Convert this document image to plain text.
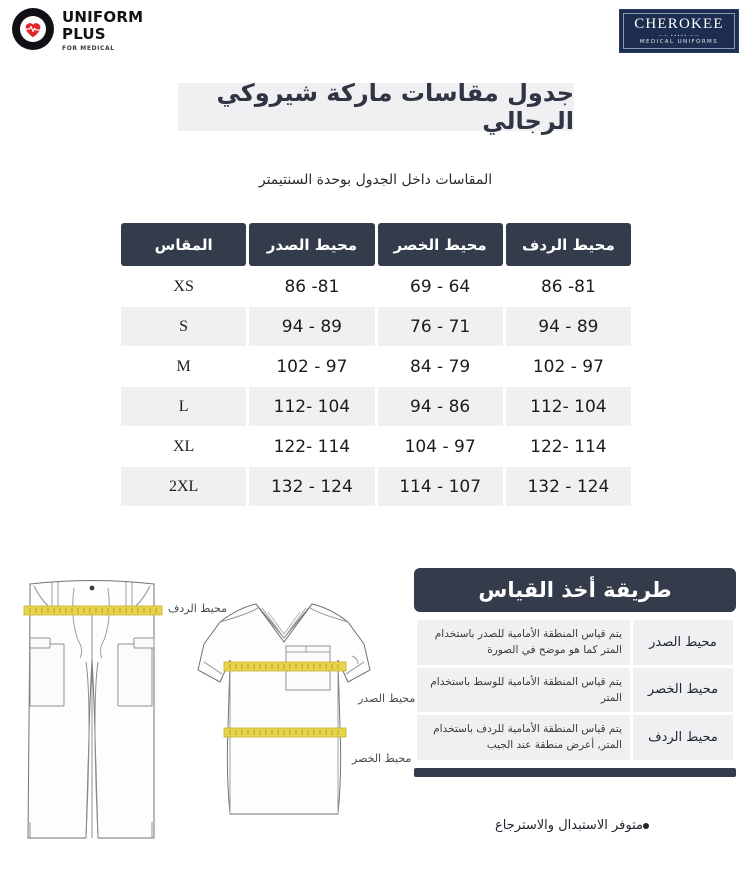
UNIFORM
PLUS
FOR MEDICAL
CHEROKEE
—— ••••• ——
MEDICAL UNIFORMS
جدول مقاسات ماركة شيروكي الرجالي
المقاسات داخل الجدول بوحدة السنتيمتر
محيط الردف	محيط الخصر	محيط الصدر	المقاس
81- 86	64 - 69	81- 86	XS
89 - 94	71 - 76	89 - 94	S
97 - 102	79 - 84	97 - 102	M
104 -112	86 - 94	104 -112	L
114 -122	97 - 104	114 -122	XL
124 - 132	107 - 114	124 - 132	2XL
محيط الردف
محيط الصدر
محيط الخصر
طريقة أخذ القياس
محيط الصدر	يتم قياس المنطقة الأمامية للصدر باستخدام المتر كما هو موضح في الصورة
محيط الخصر	يتم قياس المنطقة الأمامية للوسط باستخدام المتر
محيط الردف	يتم قياس المنطقة الأمامية للردف باستخدام المتر, أعرض منطقة عند الجيب
متوفر الاستبدال والاسترجاع
